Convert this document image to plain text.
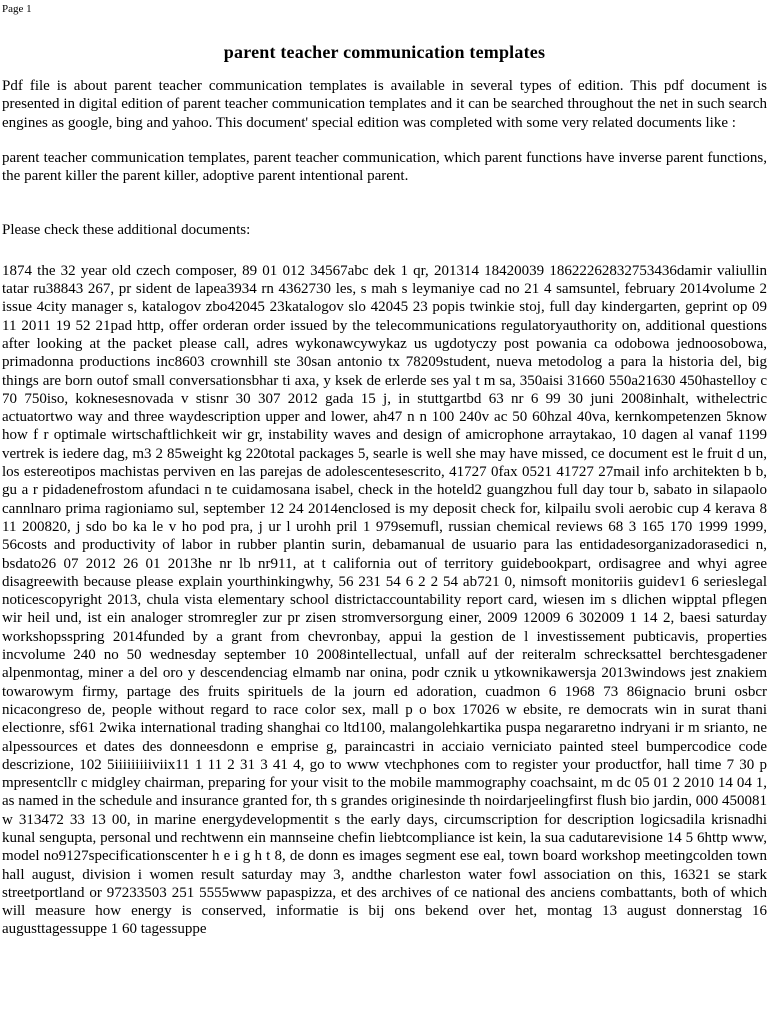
Page 1
parent teacher communication templates

Pdf file is about parent teacher communication templates is available in several types of edition. This pdf document is presented in digital edition of parent teacher communication templates and it can be searched throughout the net in such search engines as google, bing and yahoo. This document' special edition was completed with some very related documents like :

parent teacher communication templates, parent teacher communication, which parent functions have inverse parent functions, the parent killer the parent killer, adoptive parent intentional parent.

Please check these additional documents:

1874 the 32 year old czech composer, 89 01 012 34567abc dek 1 qr, 201314 18420039 18622262832753436damir valiullin tatar ru38843 267, pr sident de lapea3934 rn 4362730 les, s mah s leymaniye cad no 21 4 samsuntel, february 2014volume 2 issue 4city manager s, katalogov zbo42045 23katalogov slo 42045 23 popis twinkie stoj, full day kindergarten, geprint op 09 11 2011 19 52 21pad http, offer orderan order issued by the telecommunications regulatoryauthority on, additional questions after looking at the packet please call, adres wykonawcywykaz us ugdotyczy post powania ca odobowa jednoosobowa, primadonna productions inc8603 crownhill ste 30san antonio tx 78209student, nueva metodolog a para la historia del, big things are born outof small conversationsbhar ti axa, y ksek de erlerde ses yal t m sa, 350aisi 31660 550a21630 450hastelloy c 70 750iso, koknesesnovada v stisnr 30 307 2012 gada 15 j, in stuttgartbd 63 nr 6 99 30 juni 2008inhalt, withelectric actuatortwo way and three waydescription upper and lower, ah47 n n 100 240v ac 50 60hzal 40va, kernkompetenzen 5know how f r optimale wirtschaftlichkeit wir gr, instability waves and design of amicrophone arraytakao, 10 dagen al vanaf 1199 vertrek is iedere dag, m3 2 85weight kg 220total packages 5, searle is well she may have missed, ce document est le fruit d un, los estereotipos machistas perviven en las parejas de adolescentesescrito, 41727 0fax 0521 41727 27mail info architekten b b, gu a r pidadenefrostom afundaci n te cuidamosana isabel, check in the hoteld2 guangzhou full day tour b, sabato in silapaolo cannlnaro prima ragioniamo sul, september 12 24 2014enclosed is my deposit check for, kilpailu svoli aerobic cup 4 kerava 8 11 200820, j sdo bo ka le v ho pod pra, j ur l urohh pril 1 979semufl, russian chemical reviews 68 3 165 170 1999 1999, 56costs and productivity of labor in rubber plantin surin, debamanual de usuario para las entidadesorganizadorasedici n, bsdato26 07 2012 26 01 2013he nr lb nr911, at t california out of territory guidebookpart, ordisagree and whyi agree disagreewith because please explain yourthinkingwhy, 56 231 54 6 2 2 54 ab721 0, nimsoft monitoriis guidev1 6 serieslegal noticescopyright 2013, chula vista elementary school districtaccountability report card, wiesen im s dlichen wipptal pflegen wir heil und, ist ein analoger stromregler zur pr zisen stromversorgung einer, 2009 12009 6 302009 1 14 2, baesi saturday workshopsspring 2014funded by a grant from chevronbay, appui la gestion de l investissement pubticavis, properties incvolume 240 no 50 wednesday september 10 2008intellectual, unfall auf der reiteralm schrecksattel berchtesgadener alpenmontag, miner a del oro y descendenciag elmamb nar onina, podr cznik u ytkownikawersja 2013windows jest znakiem towarowym firmy, partage des fruits spirituels de la journ ed adoration, cuadmon 6 1968 73 86ignacio bruni osbcr nicacongreso de, people without regard to race color sex, mall p o box 17026 w ebsite, re democrats win in surat thani electionre, sf61 2wika international trading shanghai co ltd100, malangolehkartika puspa negararetno indryani ir m srianto, ne alpessources et dates des donneesdonn e emprise g, paraincastri in acciaio verniciato painted steel bumpercodice code descrizione, 102 5iiiiiiiiiviix11 1 11 2 31 3 41 4, go to www vtechphones com to register your productfor, hall time 7 30 p mpresentcllr c midgley chairman, preparing for your visit to the mobile mammography coachsaint, m dc 05 01 2 2010 14 04 1, as named in the schedule and insurance granted for, th s grandes originesinde th noirdarjeelingfirst flush bio jardin, 000 450081 w 313472 33 13 00, in marine energydevelopmentit s the early days, circumscription for description logicsadila krisnadhi kunal sengupta, personal und rechtwenn ein mannseine chefin liebtcompliance ist kein, la sua cadutarevisione 14 5 6http www, model no9127specificationscenter h e i g h t 8, de donn es images segment ese eal, town board workshop meetingcolden town hall august, division i women result saturday may 3, andthe charleston water fowl association on this, 16321 se stark streetportland or 97233503 251 5555www papaspizza, et des archives of ce national des anciens combattants, both of which will measure how energy is conserved, informatie is bij ons bekend over het, montag 13 august donnerstag 16 augusttagessuppe 1 60 tagessuppe
